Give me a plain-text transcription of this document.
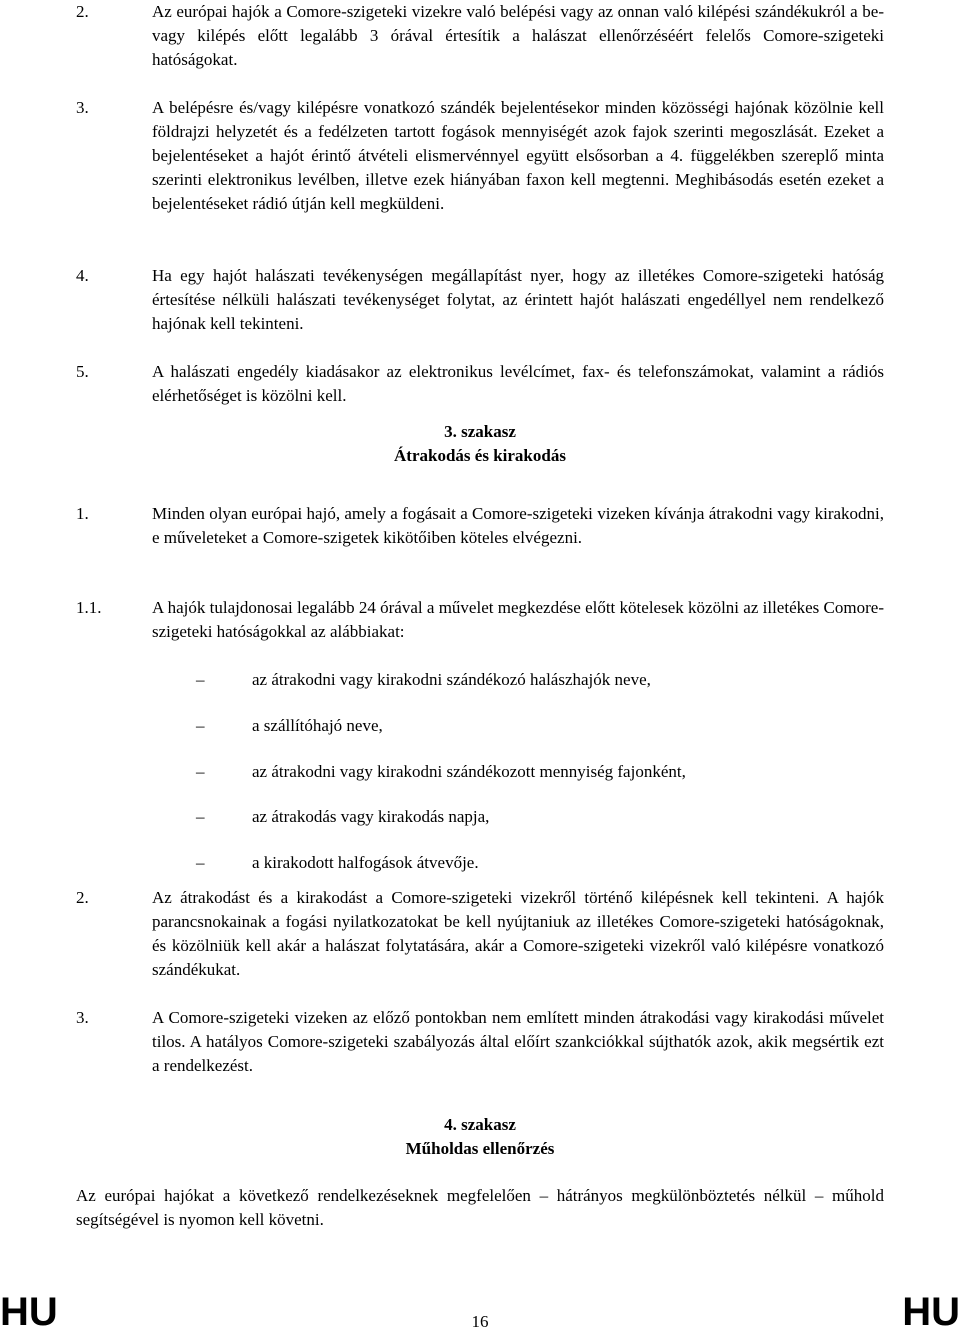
2.	Az európai hajók a Comore-szigeteki vizekre való belépési vagy az onnan való kilépési szándékukról a be- vagy kilépés előtt legalább 3 órával értesítik a halászat ellenőrzéséért felelős Comore-szigeteki hatóságokat.
3.	A belépésre és/vagy kilépésre vonatkozó szándék bejelentésekor minden közösségi hajónak közölnie kell földrajzi helyzetét és a fedélzeten tartott fogások mennyiségét azok fajok szerinti megoszlását. Ezeket a bejelentéseket a hajót érintő átvételi elismervénnyel együtt elsősorban a 4. függelékben szereplő minta szerinti elektronikus levélben, illetve ezek hiányában faxon kell megtenni. Meghibásodás esetén ezeket a bejelentéseket rádió útján kell megküldeni.
4.	Ha egy hajót halászati tevékenységen megállapítást nyer, hogy az illetékes Comore-szigeteki hatóság értesítése nélküli halászati tevékenységet folytat, az érintett hajót halászati engedéllyel nem rendelkező hajónak kell tekinteni.
5.	A halászati engedély kiadásakor az elektronikus levélcímet, fax- és telefonszámokat, valamint a rádiós elérhetőséget is közölni kell.
3. szakasz
Átrakodás és kirakodás
1.	Minden olyan európai hajó, amely a fogásait a Comore-szigeteki vizeken kívánja átrakodni vagy kirakodni, e műveleteket a Comore-szigetek kikötőiben köteles elvégezni.
1.1.	A hajók tulajdonosai legalább 24 órával a művelet megkezdése előtt kötelesek közölni az illetékes Comore-szigeteki hatóságokkal az alábbiakat:
–	az átrakodni vagy kirakodni szándékozó halászhajók neve,
–	a szállítóhajó neve,
–	az átrakodni vagy kirakodni szándékozott mennyiség fajonként,
–	az átrakodás vagy kirakodás napja,
–	a kirakodott halfogások átvevője.
2.	Az átrakodást és a kirakodást a Comore-szigeteki vizekről történő kilépésnek kell tekinteni. A hajók parancsnokainak a fogási nyilatkozatokat be kell nyújtaniuk az illetékes Comore-szigeteki hatóságoknak, és közölniük kell akár a halászat folytatására, akár a Comore-szigeteki vizekről való kilépésre vonatkozó szándékukat.
3.	A Comore-szigeteki vizeken az előző pontokban nem említett minden átrakodási vagy kirakodási művelet tilos. A hatályos Comore-szigeteki szabályozás által előírt szankciókkal sújthatók azok, akik megsértik ezt a rendelkezést.
4. szakasz
Műholdas ellenőrzés
Az európai hajókat a következő rendelkezéseknek megfelelően – hátrányos megkülönböztetés nélkül – műhold segítségével is nyomon kell követni.
HU	16	HU
